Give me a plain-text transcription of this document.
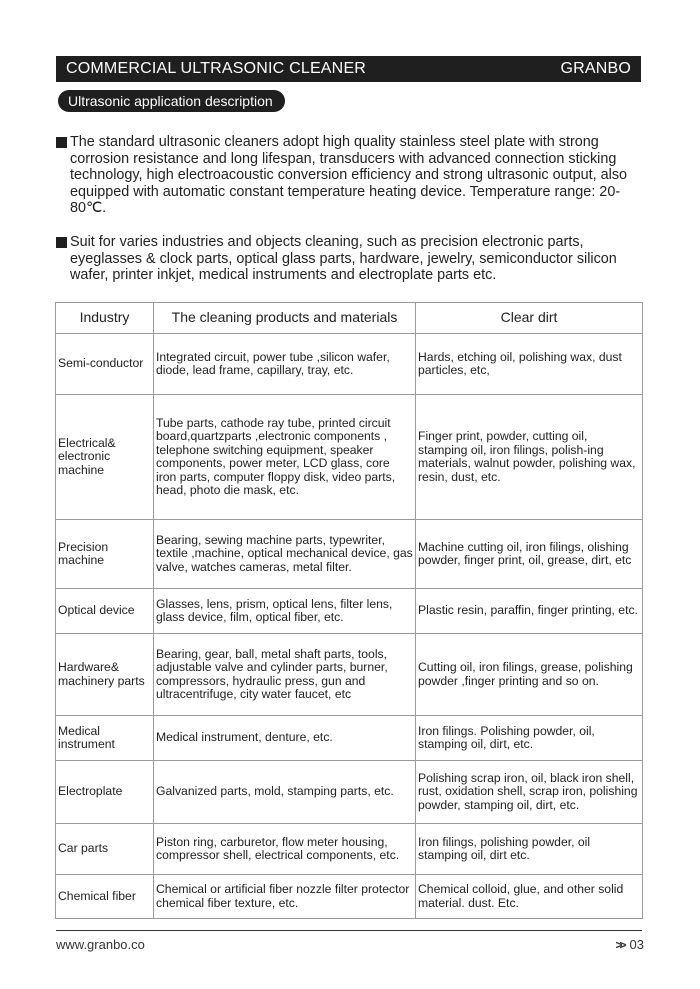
COMMERCIAL ULTRASONIC CLEANER	GRANBO
Ultrasonic application description
The standard ultrasonic cleaners adopt high quality stainless steel plate with strong corrosion resistance and long lifespan, transducers with advanced connection sticking technology, high electroacoustic conversion efficiency and strong ultrasonic output, also equipped with automatic constant temperature heating device. Temperature range: 20-80℃.
Suit for varies industries and objects cleaning, such as precision electronic parts, eyeglasses & clock parts, optical glass parts, hardware, jewelry, semiconductor silicon wafer, printer inkjet, medical instruments and electroplate parts etc.
Industry	The cleaning products and materials	Clear dirt
Semi-conductor	Integrated circuit, power tube ,silicon wafer, diode, lead frame, capillary, tray, etc.	Hards, etching oil, polishing wax, dust particles, etc,
Electrical& electronic machine	Tube parts, cathode ray tube, printed circuit board,quartzparts ,electronic components , telephone switching equipment, speaker components, power meter, LCD glass, core iron parts, computer floppy disk, video parts, head, photo die mask, etc.	Finger print, powder, cutting oil, stamping oil, iron filings, polish-ing materials, walnut powder, polishing wax, resin, dust, etc.
Precision machine	Bearing, sewing machine parts, typewriter, textile ,machine, optical mechanical device, gas valve, watches cameras, metal filter.	Machine cutting oil, iron filings, olishing powder, finger print, oil, grease, dirt, etc
Optical device	Glasses, lens, prism, optical lens, filter lens, glass device, film, optical fiber, etc.	Plastic resin, paraffin, finger printing, etc.
Hardware& machinery parts	Bearing, gear, ball, metal shaft parts, tools, adjustable valve and cylinder parts, burner, compressors, hydraulic press, gun and ultracentrifuge, city water faucet, etc	Cutting oil, iron filings, grease, polishing powder ,finger printing and so on.
Medical instrument	Medical instrument, denture, etc.	Iron filings. Polishing powder, oil, stamping oil, dirt, etc.
Electroplate	Galvanized parts, mold, stamping parts, etc.	Polishing scrap iron, oil, black iron shell, rust, oxidation shell, scrap iron, polishing powder, stamping oil, dirt, etc.
Car parts	Piston ring, carburetor, flow meter housing, compressor shell, electrical components, etc.	Iron filings, polishing powder, oil stamping oil, dirt etc.
Chemical fiber	Chemical or artificial fiber nozzle filter protector chemical fiber texture, etc.	Chemical colloid, glue, and other solid material. dust. Etc.
www.granbo.co	>> 03
